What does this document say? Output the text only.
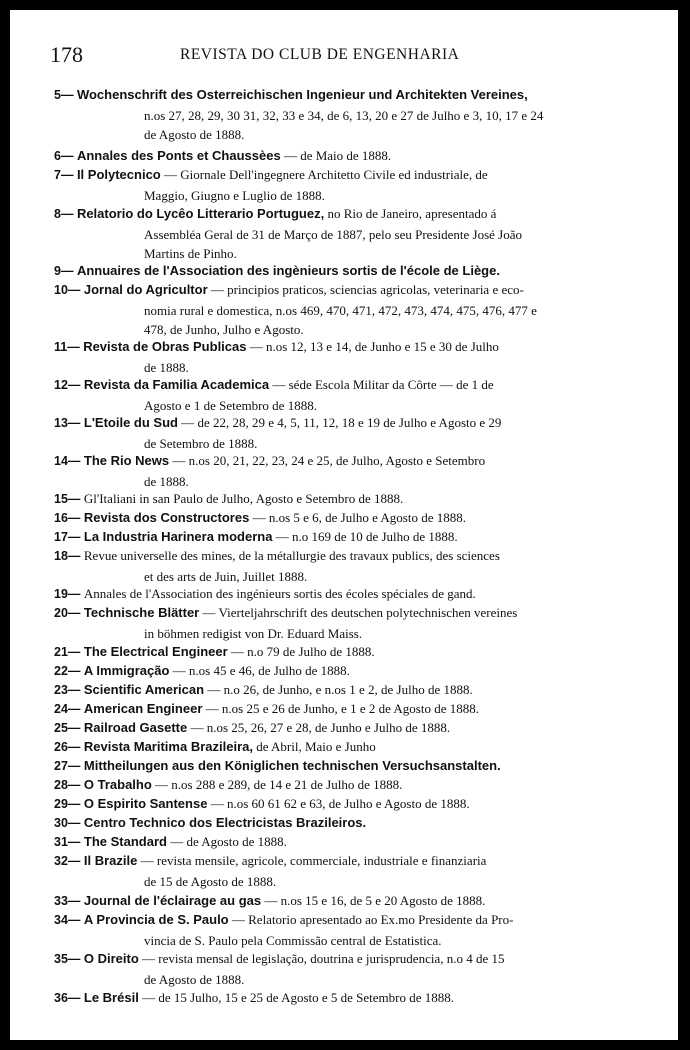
178	REVISTA DO CLUB DE ENGENHARIA
5— Wochenschrift des Osterreichischen Ingenieur und Architekten Vereines,
n.os 27, 28, 29, 30 31, 32, 33 e 34, de 6, 13, 20 e 27 de Julho e 3, 10, 17 e 24
de Agosto de 1888.
6— Annales des Ponts et Chaussèes — de Maio de 1888.
7— Il Polytecnico — Giornale Dell'ingegnere Architetto Civile ed industriale, de
Maggio, Giugno e Luglio de 1888.
8— Relatorio do Lycêo Litterario Portuguez, no Rio de Janeiro, apresentado á
Assembléa Geral de 31 de Março de 1887, pelo seu Presidente José João
Martins de Pinho.
9— Annuaires de l'Association des ingènieurs sortis de l'école de Liège.
10— Jornal do Agricultor — principios praticos, sciencias agricolas, veterinaria e eco-
nomia rural e domestica, n.os 469, 470, 471, 472, 473, 474, 475, 476, 477 e
478, de Junho, Julho e Agosto.
11— Revista de Obras Publicas — n.os 12, 13 e 14, de Junho e 15 e 30 de Julho
de 1888.
12— Revista da Familia Academica — séde Escola Militar da Côrte — de 1 de
Agosto e 1 de Setembro de 1888.
13— L'Etoile du Sud — de 22, 28, 29 e 4, 5, 11, 12, 18 e 19 de Julho e Agosto e 29
de Setembro de 1888.
14— The Rio News — n.os 20, 21, 22, 23, 24 e 25, de Julho, Agosto e Setembro
de 1888.
15— Gl'Italiani in san Paulo de Julho, Agosto e Setembro de 1888.
16— Revista dos Constructores — n.os 5 e 6, de Julho e Agosto de 1888.
17— La Industria Harinera moderna — n.o 169 de 10 de Julho de 1888.
18— Revue universelle des mines, de la métallurgie des travaux publics, des sciences
et des arts de Juin, Juillet 1888.
19— Annales de l'Association des ingénieurs sortis des écoles spéciales de gand.
20— Technische Blätter — Vierteljahrschrift des deutschen polytechnischen vereines
in böhmen redigist von Dr. Eduard Maiss.
21— The Electrical Engineer — n.o 79 de Julho de 1888.
22— A Immigração — n.os 45 e 46, de Julho de 1888.
23— Scientific American — n.o 26, de Junho, e n.os 1 e 2, de Julho de 1888.
24— American Engineer — n.os 25 e 26 de Junho, e 1 e 2 de Agosto de 1888.
25— Railroad Gasette — n.os 25, 26, 27 e 28, de Junho e Julho de 1888.
26— Revista Maritima Brazileira, de Abril, Maio e Junho
27— Mittheilungen aus den Königlichen technischen Versuchsanstalten.
28— O Trabalho — n.os 288 e 289, de 14 e 21 de Julho de 1888.
29— O Espirito Santense — n.os 60 61 62 e 63, de Julho e Agosto de 1888.
30— Centro Technico dos Electricistas Brazileiros.
31— The Standard — de Agosto de 1888.
32— Il Brazile — revista mensile, agricole, commerciale, industriale e finanziaria
de 15 de Agosto de 1888.
33— Journal de l'éclairage au gas — n.os 15 e 16, de 5 e 20 Agosto de 1888.
34— A Provincia de S. Paulo — Relatorio apresentado ao Ex.mo Presidente da Pro-
vincia de S. Paulo pela Commissão central de Estatistica.
35— O Direito — revista mensal de legislação, doutrina e jurisprudencia, n.o 4 de 15
de Agosto de 1888.
36— Le Brésil — de 15 Julho, 15 e 25 de Agosto e 5 de Setembro de 1888.
